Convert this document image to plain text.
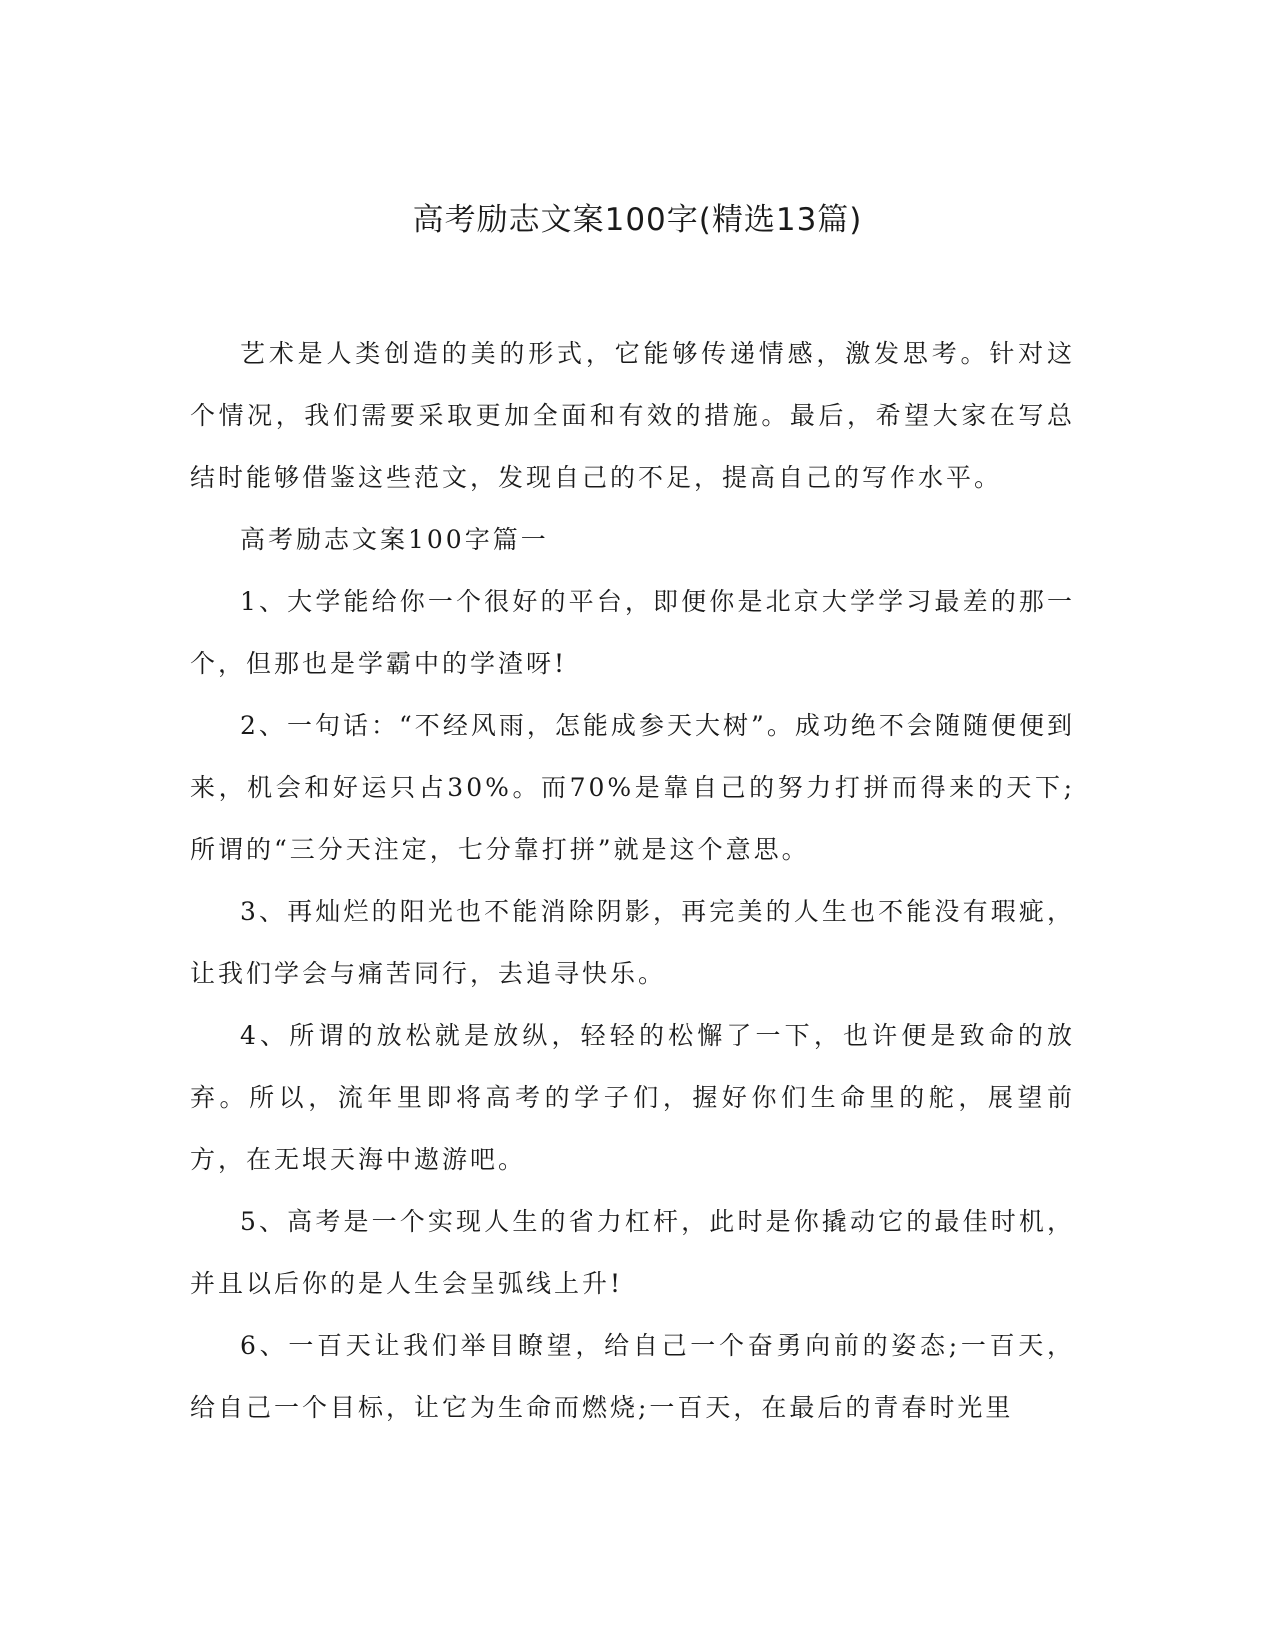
高考励志文案100字(精选13篇)

艺术是人类创造的美的形式，它能够传递情感，激发思考。针对这个情况，我们需要采取更加全面和有效的措施。最后，希望大家在写总结时能够借鉴这些范文，发现自己的不足，提高自己的写作水平。

高考励志文案100字篇一

1、大学能给你一个很好的平台，即便你是北京大学学习最差的那一个，但那也是学霸中的学渣呀!

2、一句话：“不经风雨，怎能成参天大树”。成功绝不会随随便便到来，机会和好运只占30%。而70%是靠自己的努力打拼而得来的天下;所谓的“三分天注定，七分靠打拼”就是这个意思。

3、再灿烂的阳光也不能消除阴影，再完美的人生也不能没有瑕疵，让我们学会与痛苦同行，去追寻快乐。

4、所谓的放松就是放纵，轻轻的松懈了一下，也许便是致命的放弃。所以，流年里即将高考的学子们，握好你们生命里的舵，展望前方，在无垠天海中遨游吧。

5、高考是一个实现人生的省力杠杆，此时是你撬动它的最佳时机，并且以后你的是人生会呈弧线上升!

6、一百天让我们举目瞭望，给自己一个奋勇向前的姿态;一百天，给自己一个目标，让它为生命而燃烧;一百天，在最后的青春时光里
